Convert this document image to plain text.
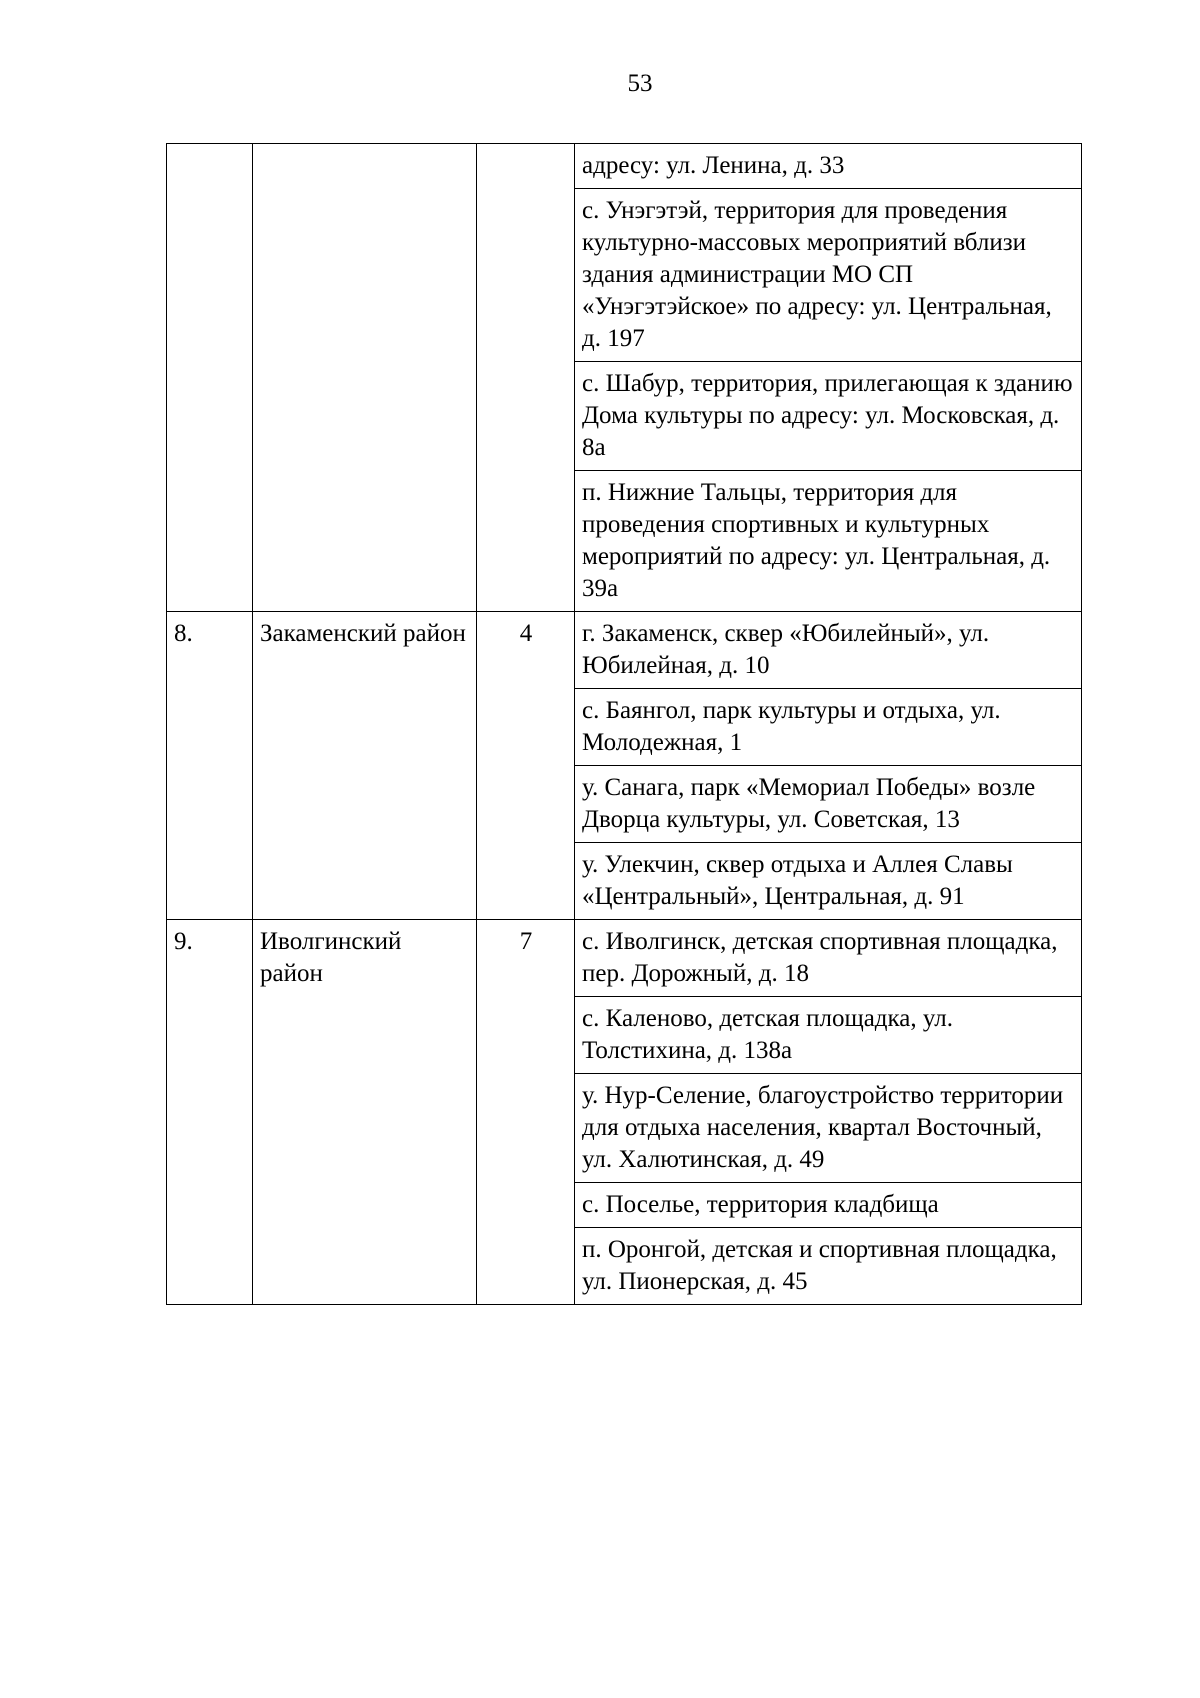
53
			адресу: ул. Ленина, д. 33
			с. Унэгэтэй, территория для проведения культурно-массовых мероприятий вблизи здания администрации МО СП «Унэгэтэйское» по адресу: ул. Центральная, д. 197
			с. Шабур, территория, прилегающая к зданию Дома культуры по адресу: ул. Московская, д. 8а
			п. Нижние Тальцы, территория для проведения спортивных и культурных мероприятий по адресу: ул. Центральная, д. 39а
8.	Закаменский район	4	г. Закаменск, сквер «Юбилейный», ул. Юбилейная, д. 10
			с. Баянгол, парк культуры и отдыха, ул. Молодежная, 1
			у. Санага, парк «Мемориал Победы» возле Дворца культуры, ул. Советская, 13
			у. Улекчин, сквер отдыха и Аллея Славы «Центральный», Центральная, д. 91
9.	Иволгинский район	7	с. Иволгинск, детская спортивная площадка, пер. Дорожный, д. 18
			с. Каленово, детская площадка, ул. Толстихина, д. 138а
			у. Нур-Селение, благоустройство территории для отдыха населения, квартал Восточный, ул. Халютинская, д. 49
			с. Поселье, территория кладбища
			п. Оронгой, детская и спортивная площадка, ул. Пионерская, д. 45
